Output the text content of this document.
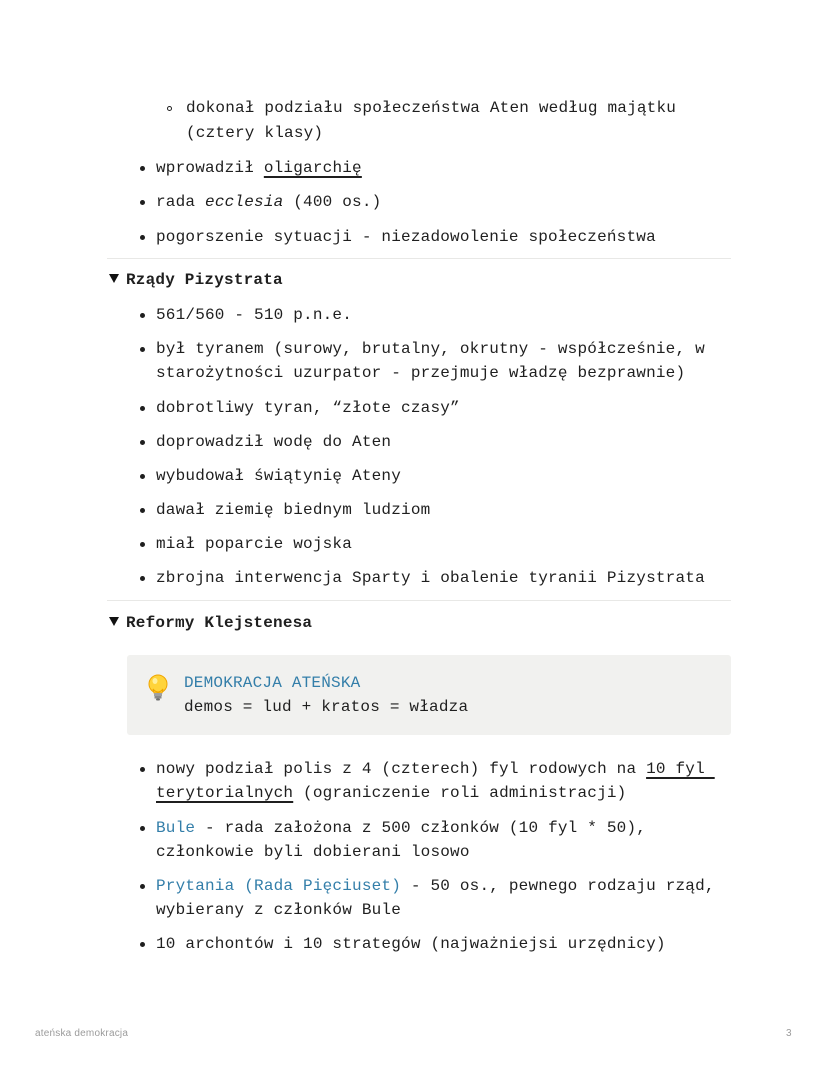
dokonał podziału społeczeństwa Aten według majątku
(cztery klasy)
wprowadził oligarchię
rada ecclesia (400 os.)
pogorszenie sytuacji - niezadowolenie społeczeństwa
Rządy Pizystrata
561/560 - 510 p.n.e.
był tyranem (surowy, brutalny, okrutny - współcześnie, w
starożytności uzurpator - przejmuje władzę bezprawnie)
dobrotliwy tyran, “złote czasy”
doprowadził wodę do Aten
wybudował świątynię Ateny
dawał ziemię biednym ludziom
miał poparcie wojska
zbrojna interwencja Sparty i obalenie tyranii Pizystrata
Reformy Klejstenesa
DEMOKRACJA ATEŃSKA
demos = lud + kratos = władza
nowy podział polis z 4 (czterech) fyl rodowych na 10 fyl
terytorialnych (ograniczenie roli administracji)
Bule - rada założona z 500 członków (10 fyl * 50),
członkowie byli dobierani losowo
Prytania (Rada Pięciuset) - 50 os., pewnego rodzaju rząd,
wybierany z członków Bule
10 archontów i 10 strategów (najważniejsi urzędnicy)
ateńska demokracja	3
